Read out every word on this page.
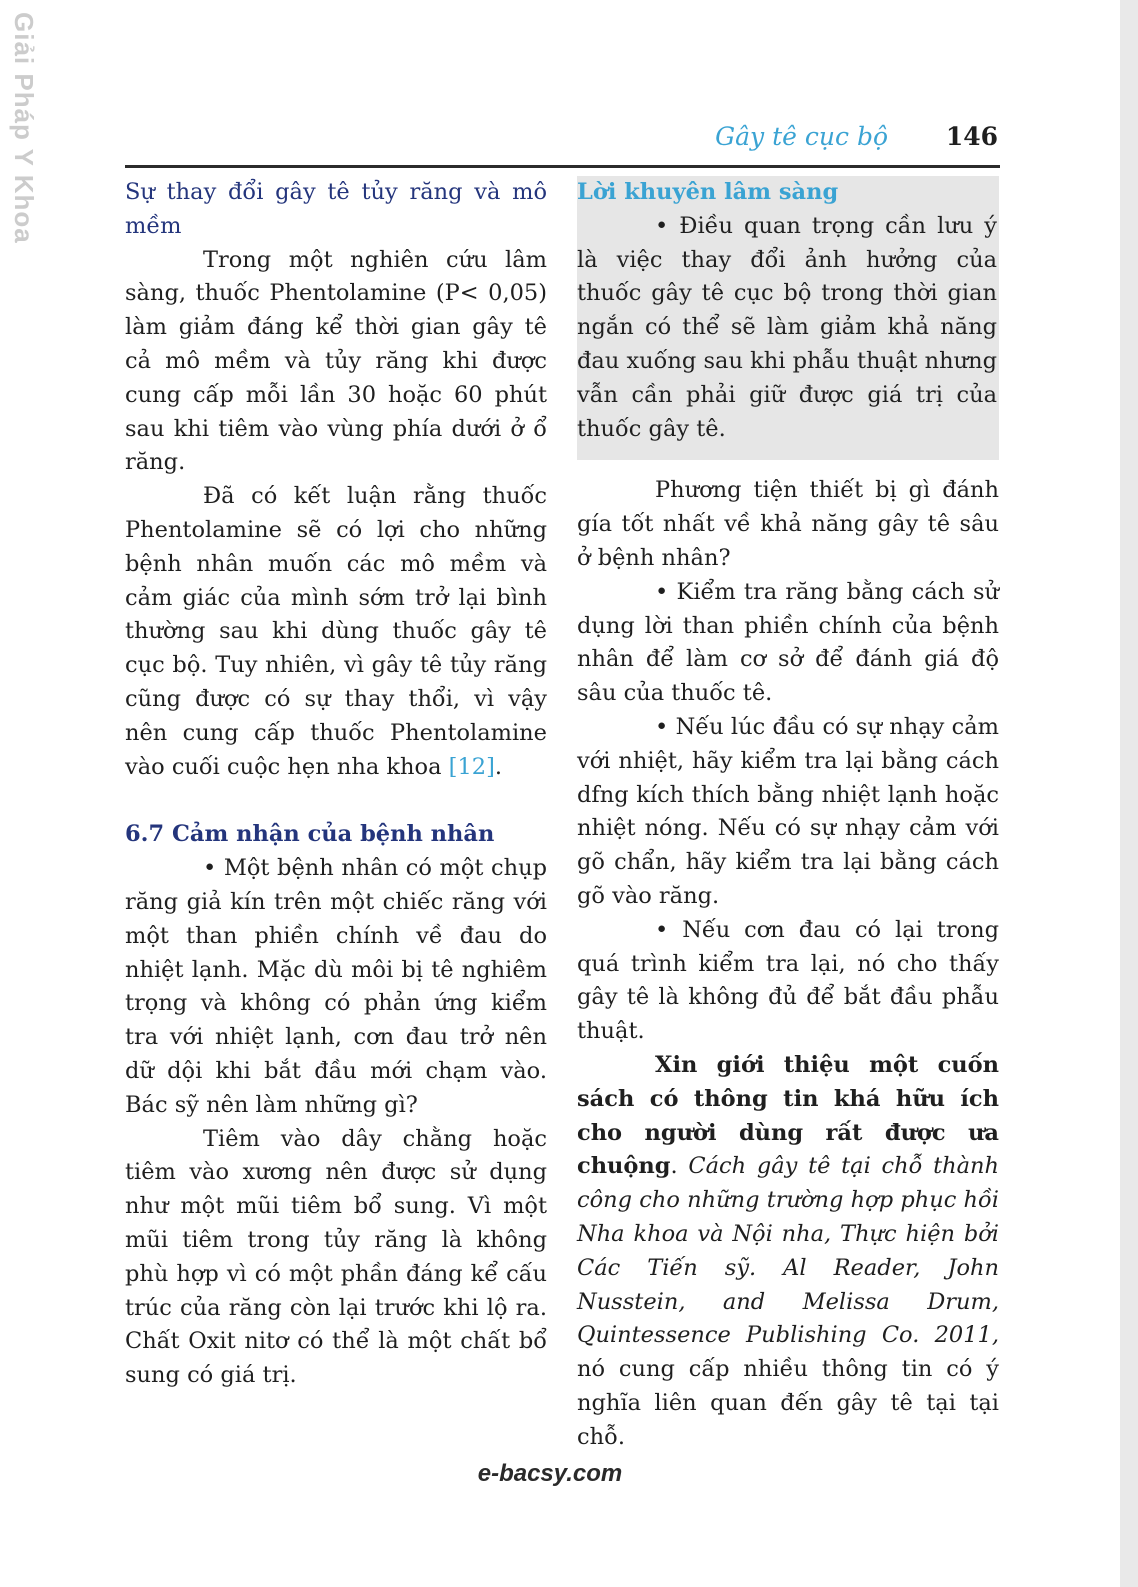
Giải Pháp Y Khoa	Gây tê cục bộ 146

Sự thay đổi gây tê tủy răng và mô mềm

Trong một nghiên cứu lâm sàng, thuốc Phentolamine (P< 0,05) làm giảm đáng kể thời gian gây tê cả mô mềm và tủy răng khi được cung cấp mỗi lần 30 hoặc 60 phút sau khi tiêm vào vùng phía dưới ở ổ răng.

Đã có kết luận rằng thuốc Phentolamine sẽ có lợi cho những bệnh nhân muốn các mô mềm và cảm giác của mình sớm trở lại bình thường sau khi dùng thuốc gây tê cục bộ. Tuy nhiên, vì gây tê tủy răng cũng được có sự thay thổi, vì vậy nên cung cấp thuốc Phentolamine vào cuối cuộc hẹn nha khoa [12].

6.7 Cảm nhận của bệnh nhân

• Một bệnh nhân có một chụp răng giả kín trên một chiếc răng với một than phiền chính về đau do nhiệt lạnh. Mặc dù môi bị tê nghiêm trọng và không có phản ứng kiểm tra với nhiệt lạnh, cơn đau trở nên dữ dội khi bắt đầu mới chạm vào. Bác sỹ nên làm những gì?

Tiêm vào dây chằng hoặc tiêm vào xương nên được sử dụng như một mũi tiêm bổ sung. Vì một mũi tiêm trong tủy răng là không phù hợp vì có một phần đáng kể cấu trúc của răng còn lại trước khi lộ ra. Chất Oxit nitơ có thể là một chất bổ sung có giá trị.

Lời khuyên lâm sàng

• Điều quan trọng cần lưu ý là việc thay đổi ảnh hưởng của thuốc gây tê cục bộ trong thời gian ngắn có thể sẽ làm giảm khả năng đau xuống sau khi phẫu thuật nhưng vẫn cần phải giữ được giá trị của thuốc gây tê.

Phương tiện thiết bị gì đánh gía tốt nhất về khả năng gây tê sâu ở bệnh nhân?

• Kiểm tra răng bằng cách sử dụng lời than phiền chính của bệnh nhân để làm cơ sở để đánh giá độ sâu của thuốc tê.

• Nếu lúc đầu có sự nhạy cảm với nhiệt, hãy kiểm tra lại bằng cách dfng kích thích bằng nhiệt lạnh hoặc nhiệt nóng. Nếu có sự nhạy cảm với gõ chẩn, hãy kiểm tra lại bằng cách gõ vào răng.

• Nếu cơn đau có lại trong quá trình kiểm tra lại, nó cho thấy gây tê là không đủ để bắt đầu phẫu thuật.

Xin giới thiệu một cuốn sách có thông tin khá hữu ích cho người dùng rất được ưa chuộng. Cách gây tê tại chỗ thành công cho những trường hợp phục hồi Nha khoa và Nội nha, Thực hiện bởi Các Tiến sỹ. Al Reader, John Nusstein, and Melissa Drum, Quintessence Publishing Co. 2011, nó cung cấp nhiều thông tin có ý nghĩa liên quan đến gây tê tại tại chỗ.

e-bacsy.com
